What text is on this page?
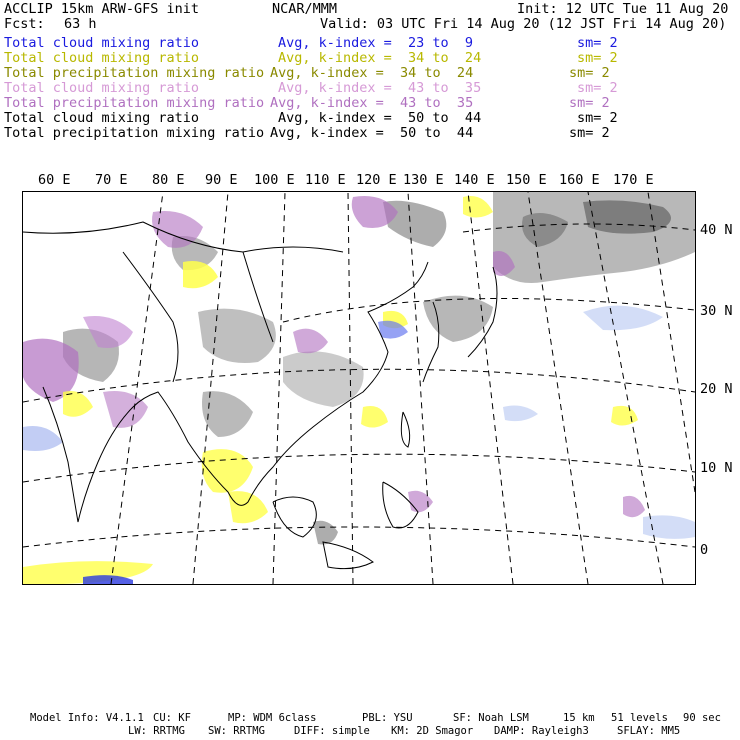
ACCLIP 15km ARW-GFS init	NCAR/MMM	Init: 12 UTC Tue 11 Aug 20
Fcst: 63 h	Valid: 03 UTC Fri 14 Aug 20 (12 JST Fri 14 Aug 20)
Total cloud mixing ratio	Avg, k-index =  23 to  9	sm= 2
Total cloud mixing ratio	Avg, k-index =  34 to  24	sm= 2
Total precipitation mixing ratio Avg, k-index =  34 to  24	sm= 2
Total cloud mixing ratio	Avg, k-index =  43 to  35	sm= 2
Total precipitation mixing ratio Avg, k-index =  43 to  35	sm= 2
Total cloud mixing ratio	Avg, k-index =  50 to  44	sm= 2
Total precipitation mixing ratio Avg, k-index =  50 to  44	sm= 2
60 E 70 E 80 E 90 E 100 E 110 E 120 E 130 E 140 E 150 E 160 E 170 E
40 N
30 N
20 N
10 N
0
Model Info: V4.1.1 CU: KF	MP: WDM 6class	PBL: YSU	SF: Noah LSM	15 km 51 levels 90 sec
LW: RRTMG SW: RRTMG	DIFF: simple KM: 2D Smagor DAMP: Rayleigh3	SFLAY: MM5
